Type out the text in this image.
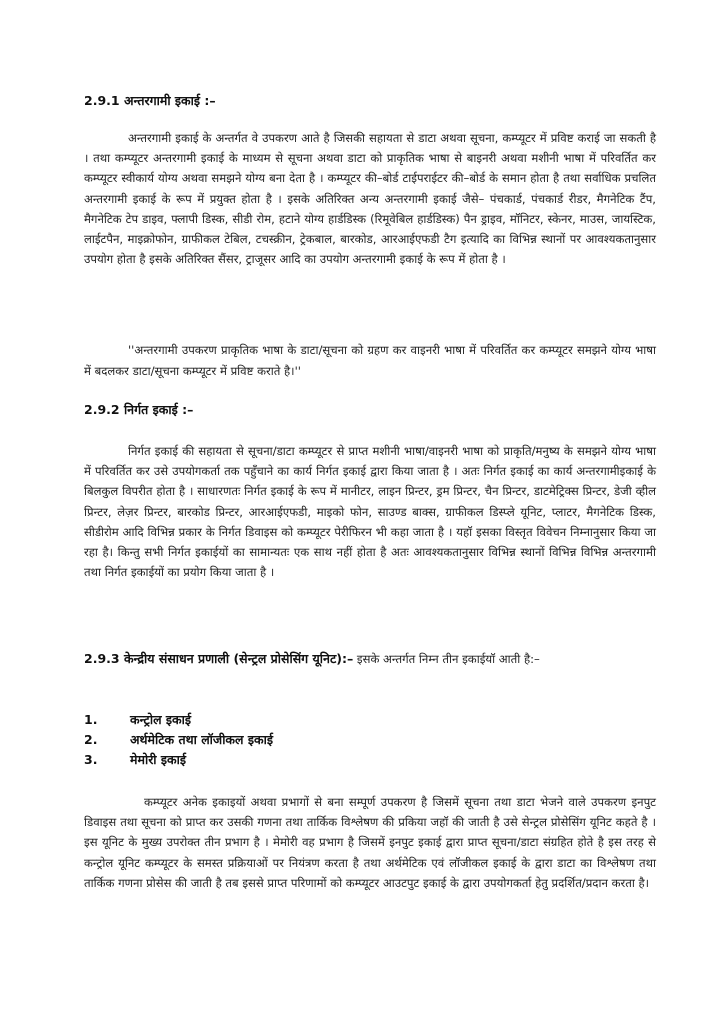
2.9.1 अन्तरगामी इकाई :–
अन्तरगामी इकाई के अन्तर्गत वे उपकरण आते है जिसकी सहायता से डाटा अथवा सूचना, कम्प्यूटर में प्रविष्ट कराई जा सकती है । तथा कम्प्यूटर अन्तरगामी इकाई के माध्यम से सूचना अथवा डाटा को प्राकृतिक भाषा से बाइनरी अथवा मशीनी भाषा में परिवर्तित कर कम्प्यूटर स्वीकार्य योग्य अथवा समझने योग्य बना देता है । कम्प्यूटर की–बोर्ड टाईपराईटर की–बोर्ड के समान होता है तथा सर्वाधिक प्रचलित अन्तरगामी इकाई के रूप में प्रयुक्त होता है । इसके अतिरिक्त अन्य अन्तरगामी इकाई जैसे– पंचकार्ड, पंचकार्ड रीडर, मैगनेटिक टैंप, मैगनेटिक टेप डाइव, फ्लापी डिस्क, सीडी रोम, हटाने योग्य हार्डडिस्क (रिमूवेबिल हार्डडिस्क) पैन ड्राइव, मॉनिटर, स्केनर, माउस, जायस्टिक, लाईटपैन, माइक्रोफोन, ग्राफीकल टेबिल, टचस्क्रीन, ट्रेकबाल, बारकोड, आरआईएफडी टैग इत्यादि का विभिन्न स्थानों पर आवश्यकतानुसार उपयोग होता है इसके अतिरिक्त सैंसर, ट्राजूसर आदि का उपयोग अन्तरगामी इकाई के रूप में होता है ।
''अन्तरगामी उपकरण प्राकृतिक भाषा के डाटा/सूचना को ग्रहण कर वाइनरी भाषा में परिवर्तित कर कम्प्यूटर समझने योग्य भाषा में बदलकर डाटा/सूचना कम्प्यूटर में प्रविष्ट कराते है।''
2.9.2 निर्गत इकाई :–
निर्गत इकाई की सहायता से सूचना/डाटा कम्प्यूटर से प्राप्त मशीनी भाषा/वाइनरी भाषा को प्राकृति/मनुष्य के समझने योग्य भाषा में परिवर्तित कर उसे उपयोगकर्ता तक पहुँचाने का कार्य निर्गत इकाई द्वारा किया जाता है । अतः निर्गत इकाई का कार्य अन्तरगामीइकाई के बिलकुल विपरीत होता है । साधारणतः निर्गत इकाई के रूप में मानीटर, लाइन प्रिन्टर, ड्रम प्रिन्टर, चैन प्रिन्टर, डाटमेट्रिक्स प्रिन्टर, डेजी व्हील प्रिन्टर, लेज़र प्रिन्टर, बारकोड प्रिन्टर, आरआईएफडी, माइको फोन, साउण्ड बाक्स, ग्राफीकल डिस्प्ले यूनिट, प्लाटर, मैगनेटिक डिस्क, सीडीरोम आदि विभिन्न प्रकार के निर्गत डिवाइस को कम्प्यूटर पेरीफिरन भी कहा जाता है । यहॉ इसका विस्तृत विवेचन निम्नानुसार किया जा रहा है। किन्तु सभी निर्गत इकाईयों का सामान्यतः एक साथ नहीं होता है अतः आवश्यकतानुसार विभिन्न स्थानों विभिन्न विभिन्न अन्तरगामी तथा निर्गत इकाईयों का प्रयोग किया जाता है ।
2.9.3 केन्द्रीय संसाधन प्रणाली (सेन्ट्रल प्रोसेसिंग यूनिट):– इसके अन्तर्गत निम्न तीन इकाईयॉ आती है:–
1.	कन्ट्रोल इकाई
2.	अर्थमेटिक तथा लॉजीकल इकाई
3.	मेमोरी इकाई
कम्प्यूटर अनेक इकाइयों अथवा प्रभागों से बना सम्पूर्ण उपकरण है जिसमें सूचना तथा डाटा भेजने वाले उपकरण इनपुट डिवाइस तथा सूचना को प्राप्त कर उसकी गणना तथा तार्किक विश्लेषण की प्रकिया जहॉ की जाती है उसे सेन्ट्रल प्रोसेसिंग यूनिट कहते है । इस यूनिट के मुख्य उपरोक्त तीन प्रभाग है । मेमोरी वह प्रभाग है जिसमें इनपुट इकाई द्वारा प्राप्त सूचना/डाटा संग्रहित होते है इस तरह से कन्ट्रोल यूनिट कम्प्यूटर के समस्त प्रक्रियाओं पर नियंत्रण करता है तथा अर्थमेटिक एवं लॉजीकल इकाई के द्वारा डाटा का विश्लेषण तथा तार्किक गणना प्रोसेस की जाती है तब इससे प्राप्त परिणामों को कम्प्यूटर आउटपुट इकाई के द्वारा उपयोगकर्ता हेतु प्रदर्शित/प्रदान करता है।
